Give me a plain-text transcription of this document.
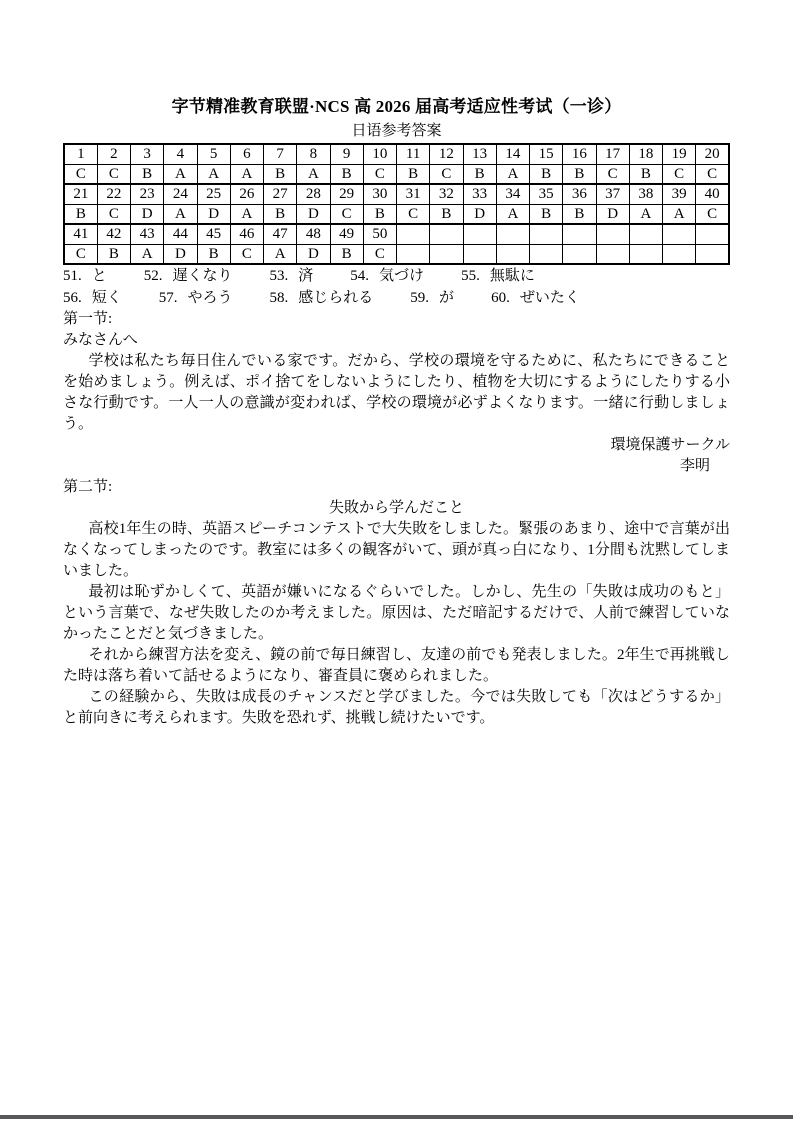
字节精准教育联盟·NCS 高 2026 届高考适应性考试（一诊）
日语参考答案
1	2	3	4	5	6	7	8	9	10	11	12	13	14	15	16	17	18	19	20
C	C	B	A	A	A	B	A	B	C	B	C	B	A	B	B	C	B	C	C
21	22	23	24	25	26	27	28	29	30	31	32	33	34	35	36	37	38	39	40
B	C	D	A	D	A	B	D	C	B	C	B	D	A	B	B	D	A	A	C
41	42	43	44	45	46	47	48	49	50										
C	B	A	D	B	C	A	D	B	C										
51. と 52. 遅くなり 53. 済 54. 気づけ 55. 無駄に
56. 短く 57. やろう 58. 感じられる 59. が 60. ぜいたく
第一节:
みなさんへ
学校は私たち毎日住んでいる家です。だから、学校の環境を守るために、私たちにできることを始めましょう。例えば、ポイ捨てをしないようにしたり、植物を大切にするようにしたりする小さな行動です。一人一人の意識が変われば、学校の環境が必ずよくなります。一緒に行動しましょう。
環境保護サークル
李明
第二节:
失敗から学んだこと

高校1年生の時、英語スピーチコンテストで大失敗をしました。緊張のあまり、途中で言葉が出なくなってしまったのです。教室には多くの観客がいて、頭が真っ白になり、1分間も沈黙してしまいました。

最初は恥ずかしくて、英語が嫌いになるぐらいでした。しかし、先生の「失敗は成功のもと」という言葉で、なぜ失敗したのか考えました。原因は、ただ暗記するだけで、人前で練習していなかったことだと気づきました。

それから練習方法を変え、鏡の前で毎日練習し、友達の前でも発表しました。2年生で再挑戦した時は落ち着いて話せるようになり、審査員に褒められました。

この経験から、失敗は成長のチャンスだと学びました。今では失敗しても「次はどうするか」と前向きに考えられます。失敗を恐れず、挑戦し続けたいです。
